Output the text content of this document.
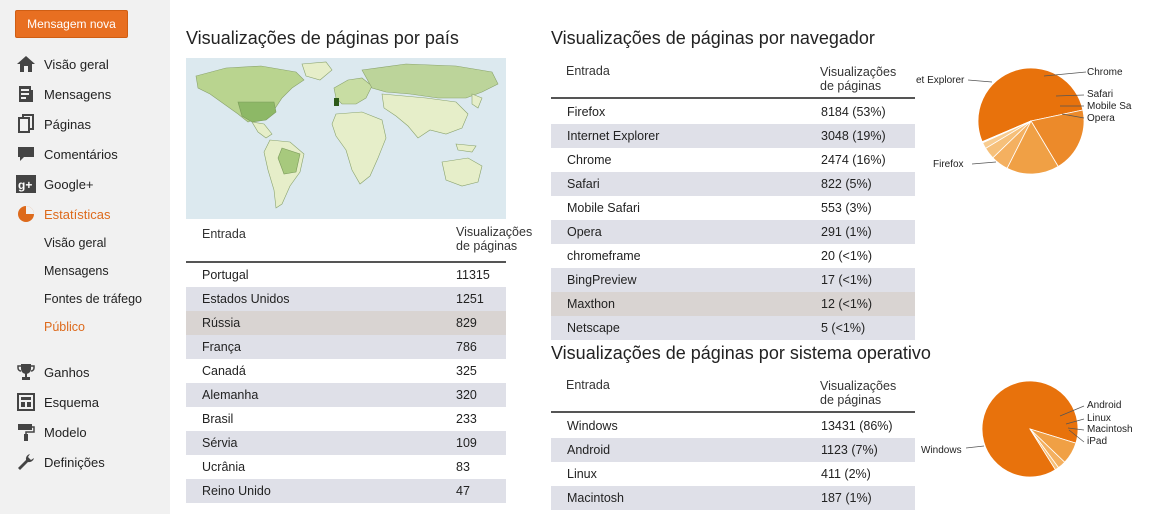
Mensagem nova
Visão geral
Mensagens
Páginas
Comentários
g+ Google+
Estatísticas
Visão geral
Mensagens
Fontes de tráfego
Público
Ganhos
Esquema
Modelo
Definições
Visualizações de páginas por país
Entrada	Visualizações de páginas
Portugal	11315
Estados Unidos	1251
Rússia	829
França	786
Canadá	325
Alemanha	320
Brasil	233
Sérvia	109
Ucrânia	83
Reino Unido	47
Visualizações de páginas por navegador
Entrada	Visualizações de páginas
Firefox	8184 (53%)
Internet Explorer	3048 (19%)
Chrome	2474 (16%)
Safari	822 (5%)
Mobile Safari	553 (3%)
Opera	291 (1%)
chromeframe	20 (<1%)
BingPreview	17 (<1%)
Maxthon	12 (<1%)
Netscape	5 (<1%)
et Explorer
Chrome
Safari
Mobile Sa
Opera
Firefox
Visualizações de páginas por sistema operativo
Entrada	Visualizações de páginas
Windows	13431 (86%)
Android	1123 (7%)
Linux	411 (2%)
Macintosh	187 (1%)
Android
Linux
Macintosh
iPad
Windows
